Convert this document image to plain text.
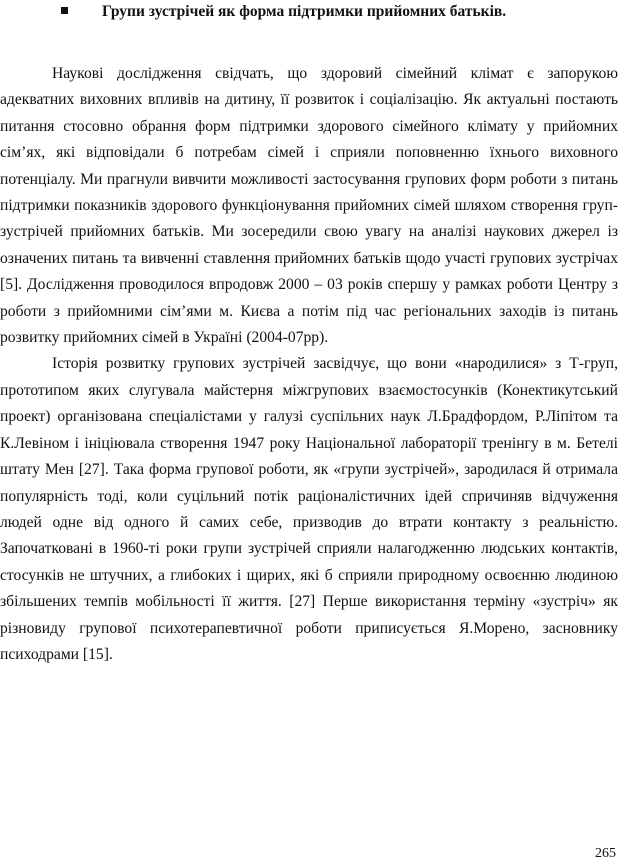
Групи зустрічей як форма підтримки прийомних батьків.

Наукові дослідження свідчать, що здоровий сімейний клімат є запорукою адекватних виховних впливів на дитину, її розвиток і соціалізацію. Як актуальні постають питання стосовно обрання форм підтримки здорового сімейного клімату у прийомних сім’ях, які відповідали б потребам сімей і сприяли поповненню їхнього виховного потенціалу. Ми прагнули вивчити можливості застосування групових форм роботи з питань підтримки показників здорового функціонування прийомних сімей шляхом створення груп-зустрічей прийомних батьків. Ми зосередили свою увагу на аналізі наукових джерел із означених питань та вивченні ставлення прийомних батьків щодо участі групових зустрічах [5]. Дослідження проводилося впродовж 2000 – 03 років спершу у рамках роботи Центру з роботи з прийомними сім’ями м. Києва а потім під час регіональних заходів із питань розвитку прийомних сімей в Україні (2004-07рр).

Історія розвитку групових зустрічей засвідчує, що вони «народилися» з Т-груп, прототипом яких слугувала майстерня міжгрупових взаємостосунків (Конектикутський проект) організована спеціалістами у галузі суспільних наук Л.Брадфордом, Р.Ліпітом та К.Левіном і ініціювала створення 1947 року Національної лабораторії тренінгу в м. Бетелі штату Мен [27]. Така форма групової роботи, як «групи зустрічей», зародилася й отримала популярність тоді, коли суцільний потік раціоналістичних ідей спричиняв відчуження людей одне від одного й самих себе, призводив до втрати контакту з реальністю. Започатковані в 1960-ті роки групи зустрічей сприяли налагодженню людських контактів, стосунків не штучних, а глибоких і щирих, які б сприяли природному освоєнню людиною збільшених темпів мобільності її життя. [27] Перше використання терміну «зустріч» як різновиду групової психотерапевтичної роботи приписується Я.Морено, засновнику психодрами [15].

265
